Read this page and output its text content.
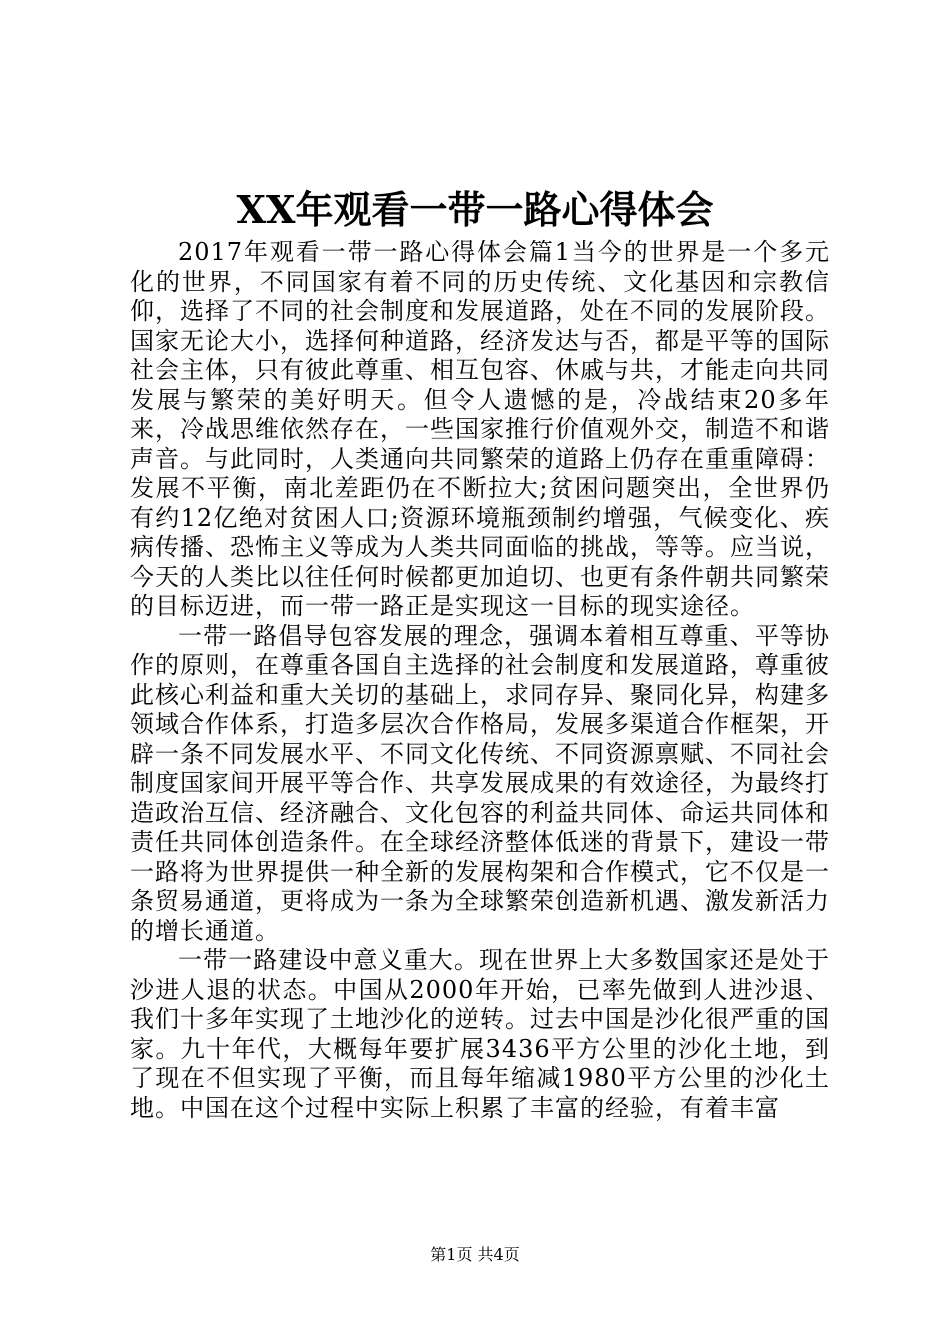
XX年观看一带一路心得体会

2017年观看一带一路心得体会篇1当今的世界是一个多元化的世界，不同国家有着不同的历史传统、文化基因和宗教信仰，选择了不同的社会制度和发展道路，处在不同的发展阶段。国家无论大小，选择何种道路，经济发达与否，都是平等的国际社会主体，只有彼此尊重、相互包容、休戚与共，才能走向共同发展与繁荣的美好明天。但令人遗憾的是，冷战结束20多年来，冷战思维依然存在，一些国家推行价值观外交，制造不和谐声音。与此同时，人类通向共同繁荣的道路上仍存在重重障碍：发展不平衡，南北差距仍在不断拉大;贫困问题突出，全世界仍有约12亿绝对贫困人口;资源环境瓶颈制约增强，气候变化、疾病传播、恐怖主义等成为人类共同面临的挑战，等等。应当说，今天的人类比以往任何时候都更加迫切、也更有条件朝共同繁荣的目标迈进，而一带一路正是实现这一目标的现实途径。

一带一路倡导包容发展的理念，强调本着相互尊重、平等协作的原则，在尊重各国自主选择的社会制度和发展道路，尊重彼此核心利益和重大关切的基础上，求同存异、聚同化异，构建多领域合作体系，打造多层次合作格局，发展多渠道合作框架，开辟一条不同发展水平、不同文化传统、不同资源禀赋、不同社会制度国家间开展平等合作、共享发展成果的有效途径，为最终打造政治互信、经济融合、文化包容的利益共同体、命运共同体和责任共同体创造条件。在全球经济整体低迷的背景下，建设一带一路将为世界提供一种全新的发展构架和合作模式，它不仅是一条贸易通道，更将成为一条为全球繁荣创造新机遇、激发新活力的增长通道。

一带一路建设中意义重大。现在世界上大多数国家还是处于沙进人退的状态。中国从2000年开始，已率先做到人进沙退、我们十多年实现了土地沙化的逆转。过去中国是沙化很严重的国家。九十年代，大概每年要扩展3436平方公里的沙化土地，到了现在不但实现了平衡，而且每年缩减1980平方公里的沙化土地。中国在这个过程中实际上积累了丰富的经验，有着丰富

第1页 共4页
